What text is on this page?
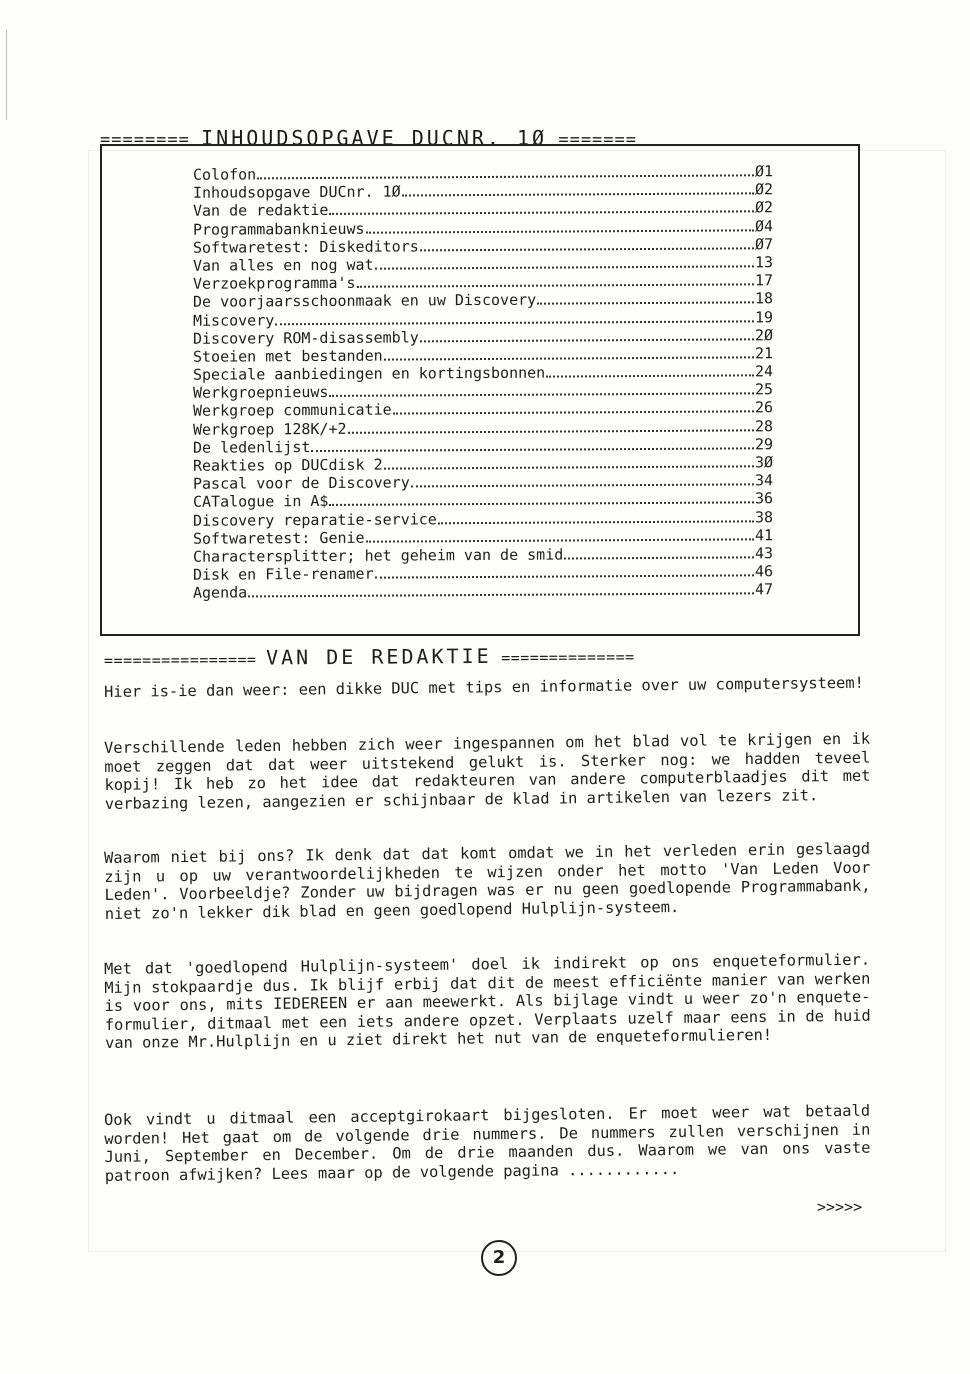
======== INHOUDSOPGAVE DUCNR. 1Ø =======
Colofon	Ø1
Inhoudsopgave DUCnr. 1Ø	Ø2
Van de redaktie	Ø2
Programmabanknieuws	Ø4
Softwaretest: Diskeditors	Ø7
Van alles en nog wat	13
Verzoekprogramma's	17
De voorjaarsschoonmaak en uw Discovery	18
Miscovery	19
Discovery ROM-disassembly	2Ø
Stoeien met bestanden	21
Speciale aanbiedingen en kortingsbonnen	24
Werkgroepnieuws	25
Werkgroep communicatie	26
Werkgroep 128K/+2	28
De ledenlijst	29
Reakties op DUCdisk 2	3Ø
Pascal voor de Discovery	34
CATalogue in A$	36
Discovery reparatie-service	38
Softwaretest: Genie	41
Charactersplitter; het geheim van de smid	43
Disk en File-renamer	46
Agenda	47
================ VAN DE REDAKTIE ==============

Hier is-ie dan weer: een dikke DUC met tips en informatie over uw computersysteem!

Verschillende leden hebben zich weer ingespannen om het blad vol te krijgen en ik moet zeggen dat dat weer uitstekend gelukt is. Sterker nog: we hadden teveel kopij! Ik heb zo het idee dat redakteuren van andere computerblaadjes dit met verbazing lezen, aangezien er schijnbaar de klad in artikelen van lezers zit.

Waarom niet bij ons? Ik denk dat dat komt omdat we in het verleden erin geslaagd zijn u op uw verantwoordelijkheden te wijzen onder het motto 'Van Leden Voor Leden'. Voorbeeldje? Zonder uw bijdragen was er nu geen goedlopende Programmabank, niet zo'n lekker dik blad en geen goedlopend Hulplijn-systeem.

Met dat 'goedlopend Hulplijn-systeem' doel ik indirekt op ons enqueteformulier. Mijn stokpaardje dus. Ik blijf erbij dat dit de meest efficiënte manier van werken is voor ons, mits IEDEREEN er aan meewerkt. Als bijlage vindt u weer zo'n enquete-formulier, ditmaal met een iets andere opzet. Verplaats uzelf maar eens in de huid van onze Mr.Hulplijn en u ziet direkt het nut van de enqueteformulieren!

Ook vindt u ditmaal een acceptgirokaart bijgesloten. Er moet weer wat betaald worden! Het gaat om de volgende drie nummers. De nummers zullen verschijnen in Juni, September en December. Om de drie maanden dus. Waarom we van ons vaste patroon afwijken? Lees maar op de volgende pagina ............

>>>>>
2
